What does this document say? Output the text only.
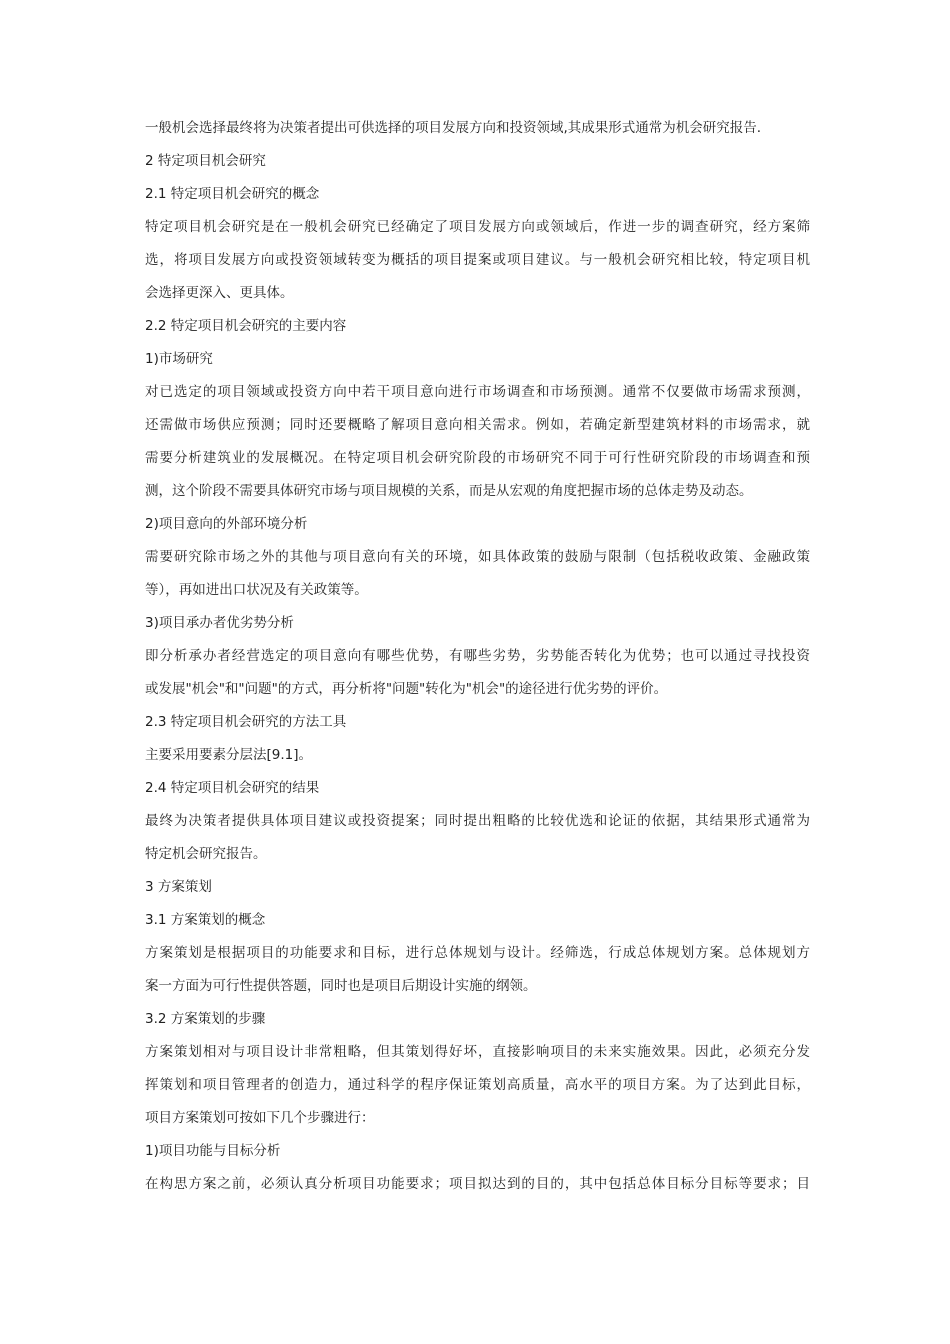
一般机会选择最终将为决策者提出可供选择的项目发展方向和投资领域,其成果形式通常为机会研究报告.
2 特定项目机会研究
2.1 特定项目机会研究的概念
特定项目机会研究是在一般机会研究已经确定了项目发展方向或领域后，作进一步的调查研究，经方案筛
选，将项目发展方向或投资领域转变为概括的项目提案或项目建议。与一般机会研究相比较，特定项目机
会选择更深入、更具体。
2.2 特定项目机会研究的主要内容
1)市场研究
对已选定的项目领域或投资方向中若干项目意向进行市场调查和市场预测。通常不仅要做市场需求预测，
还需做市场供应预测；同时还要概略了解项目意向相关需求。例如，若确定新型建筑材料的市场需求，就
需要分析建筑业的发展概况。在特定项目机会研究阶段的市场研究不同于可行性研究阶段的市场调查和预
测，这个阶段不需要具体研究市场与项目规模的关系，而是从宏观的角度把握市场的总体走势及动态。
2)项目意向的外部环境分析
需要研究除市场之外的其他与项目意向有关的环境，如具体政策的鼓励与限制（包括税收政策、金融政策
等），再如进出口状况及有关政策等。
3)项目承办者优劣势分析
即分析承办者经营选定的项目意向有哪些优势，有哪些劣势，劣势能否转化为优势；也可以通过寻找投资
或发展"机会"和"问题"的方式，再分析将"问题"转化为"机会"的途径进行优劣势的评价。
2.3 特定项目机会研究的方法工具
主要采用要素分层法[9.1]。
2.4 特定项目机会研究的结果
最终为决策者提供具体项目建议或投资提案；同时提出粗略的比较优选和论证的依据，其结果形式通常为
特定机会研究报告。
3 方案策划
3.1 方案策划的概念
方案策划是根据项目的功能要求和目标，进行总体规划与设计。经筛选，行成总体规划方案。总体规划方
案一方面为可行性提供答题，同时也是项目后期设计实施的纲领。
3.2 方案策划的步骤
方案策划相对与项目设计非常粗略，但其策划得好坏，直接影响项目的未来实施效果。因此，必须充分发
挥策划和项目管理者的创造力，通过科学的程序保证策划高质量，高水平的项目方案。为了达到此目标，
项目方案策划可按如下几个步骤进行：
1)项目功能与目标分析
在构思方案之前，必须认真分析项目功能要求；项目拟达到的目的，其中包括总体目标分目标等要求；目
